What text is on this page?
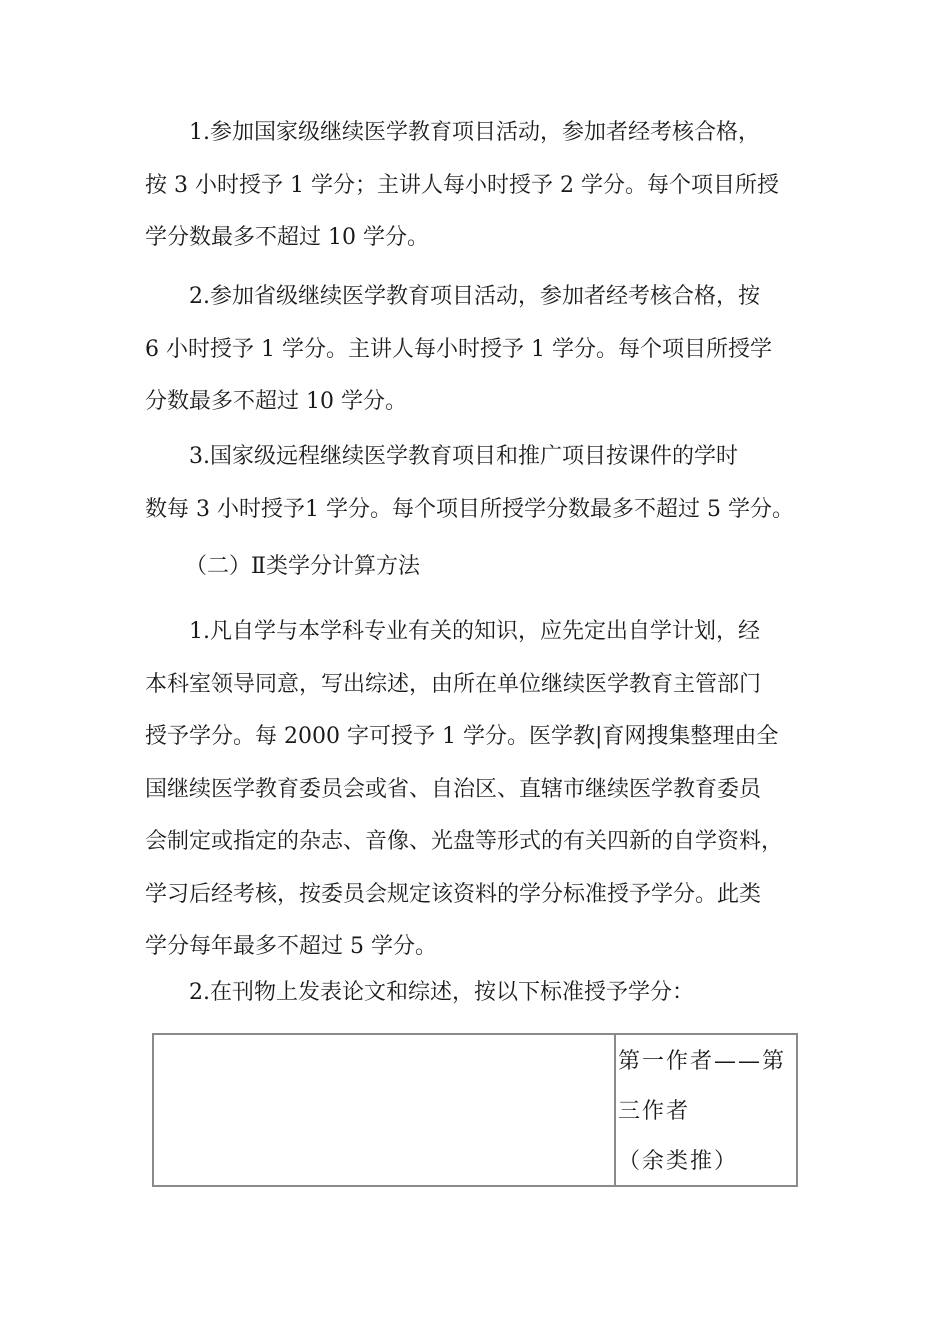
1.参加国家级继续医学教育项目活动，参加者经考核合格，
按 3 小时授予 1 学分；主讲人每小时授予 2 学分。每个项目所授
学分数最多不超过 10 学分。
2.参加省级继续医学教育项目活动，参加者经考核合格，按
6 小时授予 1 学分。主讲人每小时授予 1 学分。每个项目所授学
分数最多不超过 10 学分。
3.国家级远程继续医学教育项目和推广项目按课件的学时
数每 3 小时授予1 学分。每个项目所授学分数最多不超过 5 学分。
（二）Ⅱ类学分计算方法
1.凡自学与本学科专业有关的知识，应先定出自学计划，经
本科室领导同意，写出综述，由所在单位继续医学教育主管部门
授予学分。每 2000 字可授予 1 学分。医学教|育网搜集整理由全
国继续医学教育委员会或省、自治区、直辖市继续医学教育委员
会制定或指定的杂志、音像、光盘等形式的有关四新的自学资料，
学习后经考核，按委员会规定该资料的学分标准授予学分。此类
学分每年最多不超过 5 学分。
2.在刊物上发表论文和综述，按以下标准授予学分：
第一作者——第
三作者
（余类推）
